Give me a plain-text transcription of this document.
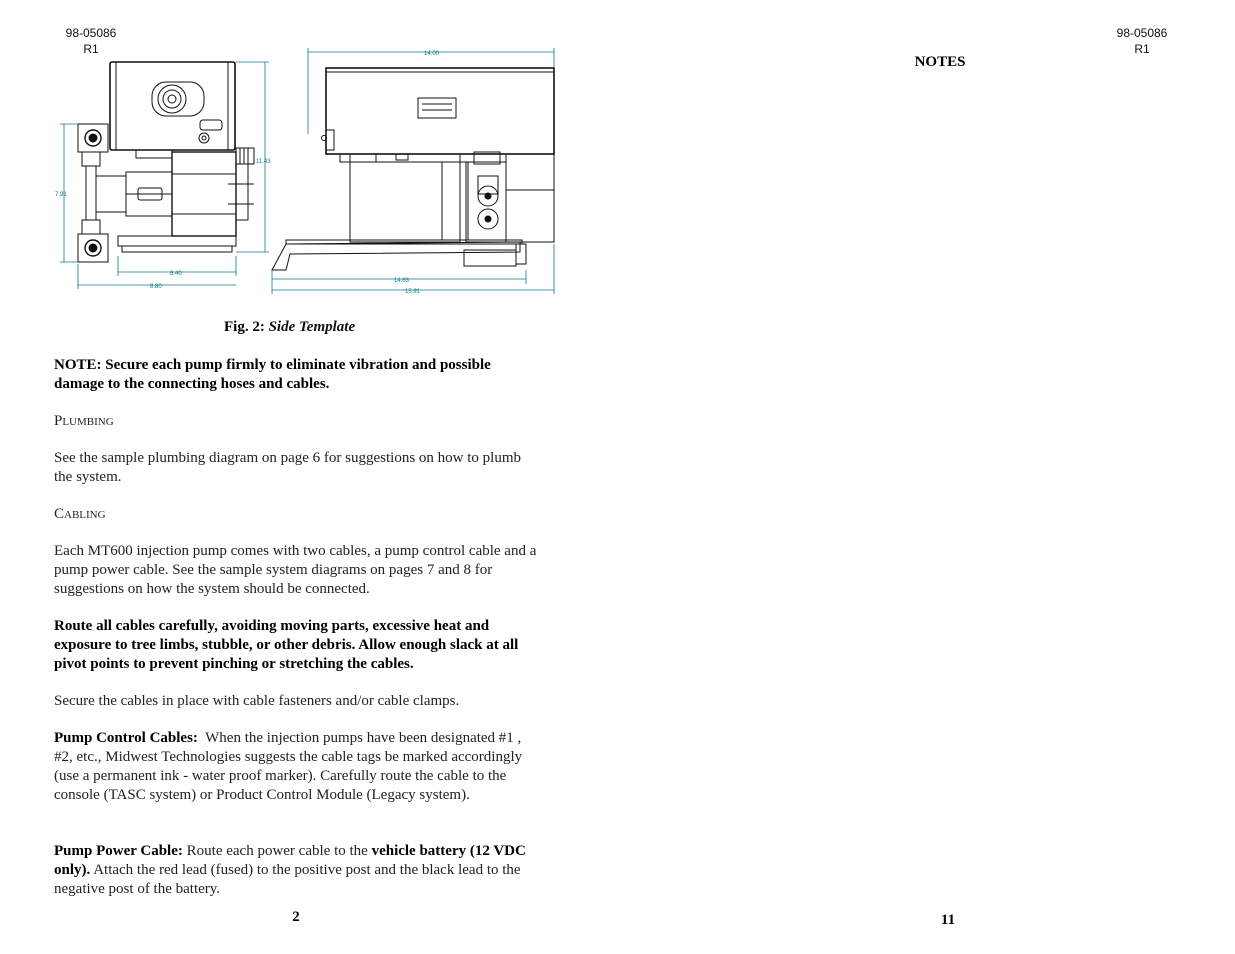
98-05086
R1
7.91
11.43
6.40
8.80
14.00
14.63
15.91
Fig. 2: Side Template
NOTE: Secure each pump firmly to eliminate vibration and possible damage to the connecting hoses and cables.
Plumbing
See the sample plumbing diagram on page 6 for suggestions on how to plumb the system.
Cabling
Each MT600 injection pump comes with two cables, a pump control cable and a pump power cable. See the sample system diagrams on pages 7 and 8 for suggestions on how the system should be connected.
Route all cables carefully, avoiding moving parts, excessive heat and exposure to tree limbs, stubble, or other debris. Allow enough slack at all pivot points to prevent pinching or stretching the cables.
Secure the cables in place with cable fasteners and/or cable clamps.
Pump Control Cables: When the injection pumps have been designated #1 , #2, etc., Midwest Technologies suggests the cable tags be marked accordingly (use a permanent ink - water proof marker). Carefully route the cable to the console (TASC system) or Product Control Module (Legacy system).
Pump Power Cable: Route each power cable to the vehicle battery (12 VDC only). Attach the red lead (fused) to the positive post and the black lead to the negative post of the battery.
2
98-05086
R1
NOTES
11
